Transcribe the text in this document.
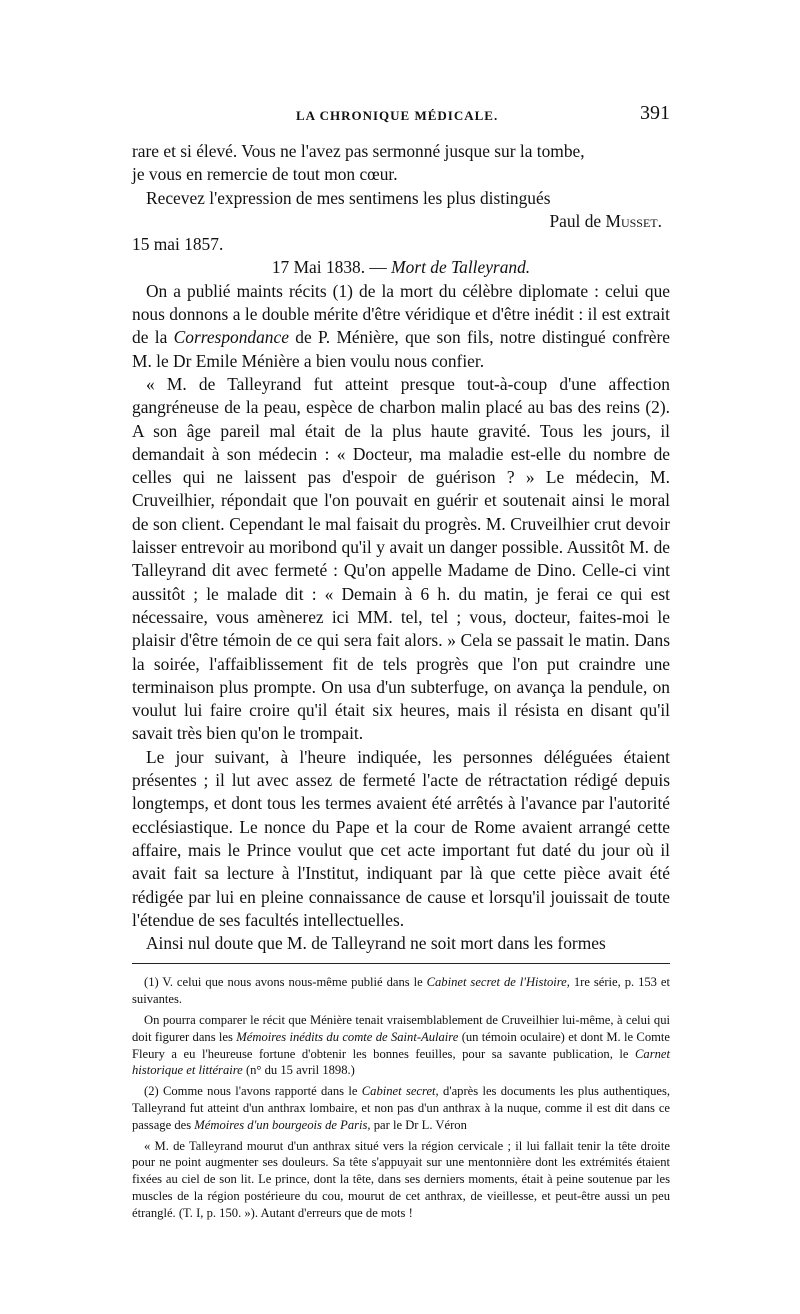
LA CHRONIQUE MÉDICALE.	391

rare et si élevé. Vous ne l'avez pas sermonné jusque sur la tombe,
je vous en remercie de tout mon cœur.
Recevez l'expression de mes sentimens les plus distingués

Paul de Musset.

15 mai 1857.

17 Mai 1838. — Mort de Talleyrand.

On a publié maints récits (1) de la mort du célèbre diplomate : celui que nous donnons a le double mérite d'être véridique et d'être inédit : il est extrait de la Correspondance de P. Ménière, que son fils, notre distingué confrère M. le Dr Emile Ménière a bien voulu nous confier.

« M. de Talleyrand fut atteint presque tout-à-coup d'une affection gangréneuse de la peau, espèce de charbon malin placé au bas des reins (2). A son âge pareil mal était de la plus haute gravité. Tous les jours, il demandait à son médecin : « Docteur, ma maladie est-elle du nombre de celles qui ne laissent pas d'espoir de guérison ? » Le médecin, M. Cruveilhier, répondait que l'on pouvait en guérir et soutenait ainsi le moral de son client. Cependant le mal faisait du progrès. M. Cruveilhier crut devoir laisser entrevoir au moribond qu'il y avait un danger possible. Aussitôt M. de Talleyrand dit avec fermeté : Qu'on appelle Madame de Dino. Celle-ci vint aussitôt ; le malade dit : « Demain à 6 h. du matin, je ferai ce qui est nécessaire, vous amènerez ici MM. tel, tel ; vous, docteur, faites-moi le plaisir d'être témoin de ce qui sera fait alors. » Cela se passait le matin. Dans la soirée, l'affaiblissement fit de tels progrès que l'on put craindre une terminaison plus prompte. On usa d'un subterfuge, on avança la pendule, on voulut lui faire croire qu'il était six heures, mais il résista en disant qu'il savait très bien qu'on le trompait.

Le jour suivant, à l'heure indiquée, les personnes déléguées étaient présentes ; il lut avec assez de fermeté l'acte de rétractation rédigé depuis longtemps, et dont tous les termes avaient été arrêtés à l'avance par l'autorité ecclésiastique. Le nonce du Pape et la cour de Rome avaient arrangé cette affaire, mais le Prince voulut que cet acte important fut daté du jour où il avait fait sa lecture à l'Institut, indiquant par là que cette pièce avait été rédigée par lui en pleine connaissance de cause et lorsqu'il jouissait de toute l'étendue de ses facultés intellectuelles.

Ainsi nul doute que M. de Talleyrand ne soit mort dans les formes

(1) V. celui que nous avons nous-même publié dans le Cabinet secret de l'Histoire, 1re série, p. 153 et suivantes.

On pourra comparer le récit que Ménière tenait vraisemblablement de Cruveilhier lui-même, à celui qui doit figurer dans les Mémoires inédits du comte de Saint-Aulaire (un témoin oculaire) et dont M. le Comte Fleury a eu l'heureuse fortune d'obtenir les bonnes feuilles, pour sa savante publication, le Carnet historique et littéraire (n° du 15 avril 1898.)

(2) Comme nous l'avons rapporté dans le Cabinet secret, d'après les documents les plus authentiques, Talleyrand fut atteint d'un anthrax lombaire, et non pas d'un anthrax à la nuque, comme il est dit dans ce passage des Mémoires d'un bourgeois de Paris, par le Dr L. Véron

« M. de Talleyrand mourut d'un anthrax situé vers la région cervicale ; il lui fallait tenir la tête droite pour ne point augmenter ses douleurs. Sa tête s'appuyait sur une mentonnière dont les extrémités étaient fixées au ciel de son lit. Le prince, dont la tête, dans ses derniers moments, était à peine soutenue par les muscles de la région postérieure du cou, mourut de cet anthrax, de vieillesse, et peut-être aussi un peu étranglé. (T. I, p. 150. »). Autant d'erreurs que de mots !
